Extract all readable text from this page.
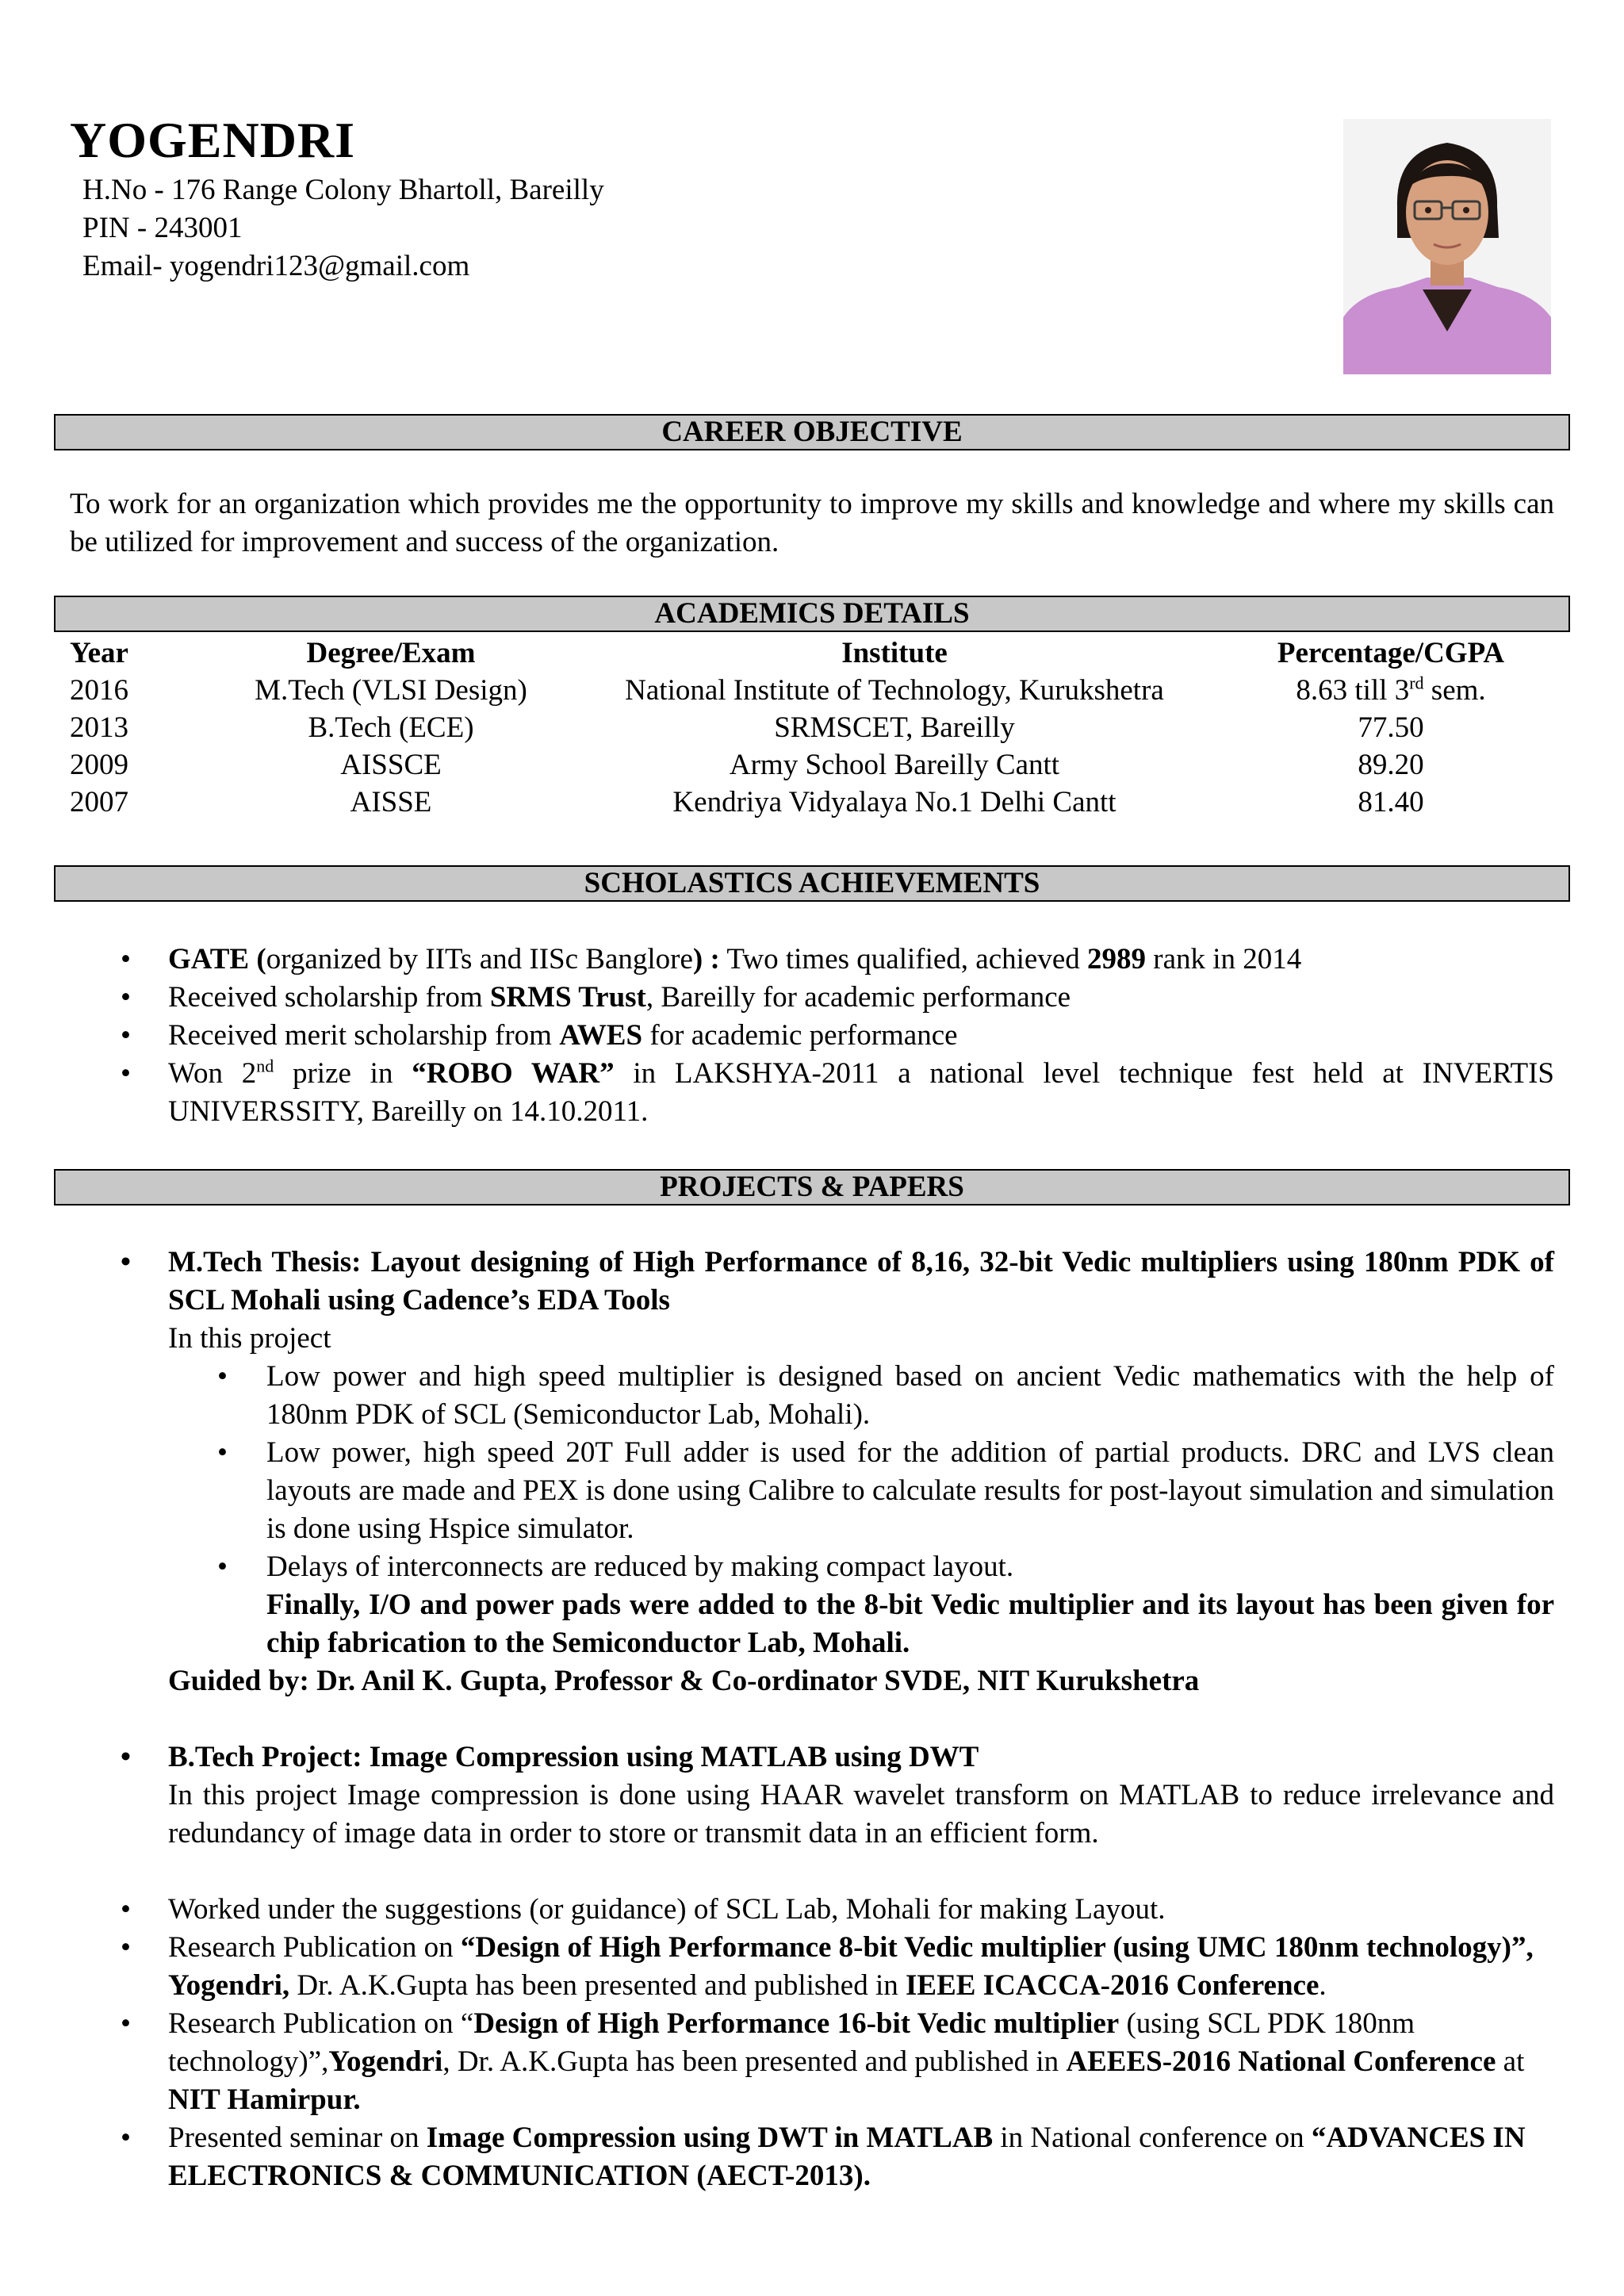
YOGENDRI
H.No - 176 Range Colony Bhartoll, Bareilly
PIN - 243001
Email- yogendri123@gmail.com
CAREER OBJECTIVE
To work for an organization which provides me the opportunity to improve my skills and knowledge and where my skills can be utilized for improvement and success of the organization.
ACADEMICS DETAILS
Year	Degree/Exam	Institute	Percentage/CGPA
2016	M.Tech (VLSI Design)	National Institute of Technology, Kurukshetra	8.63 till 3rd sem.
2013	B.Tech (ECE)	SRMSCET, Bareilly	77.50
2009	AISSCE	Army School Bareilly Cantt	89.20
2007	AISSE	Kendriya Vidyalaya No.1 Delhi Cantt	81.40
SCHOLASTICS ACHIEVEMENTS
• GATE (organized by IITs and IISc Banglore) : Two times qualified, achieved 2989 rank in 2014
• Received scholarship from SRMS Trust, Bareilly for academic performance
• Received merit scholarship from AWES for academic performance
• Won 2nd prize in “ROBO WAR” in LAKSHYA-2011 a national level technique fest held at INVERTIS UNIVERSSITY, Bareilly on 14.10.2011.
PROJECTS & PAPERS
• M.Tech Thesis: Layout designing of High Performance of 8,16, 32-bit Vedic multipliers using 180nm PDK of SCL Mohali using Cadence’s EDA Tools
In this project
• Low power and high speed multiplier is designed based on ancient Vedic mathematics with the help of 180nm PDK of SCL (Semiconductor Lab, Mohali).
• Low power, high speed 20T Full adder is used for the addition of partial products. DRC and LVS clean layouts are made and PEX is done using Calibre to calculate results for post-layout simulation and simulation is done using Hspice simulator.
• Delays of interconnects are reduced by making compact layout.
Finally, I/O and power pads were added to the 8-bit Vedic multiplier and its layout has been given for chip fabrication to the Semiconductor Lab, Mohali.
Guided by: Dr. Anil K. Gupta, Professor & Co-ordinator SVDE, NIT Kurukshetra
• B.Tech Project: Image Compression using MATLAB using DWT
In this project Image compression is done using HAAR wavelet transform on MATLAB to reduce irrelevance and redundancy of image data in order to store or transmit data in an efficient form.
• Worked under the suggestions (or guidance) of SCL Lab, Mohali for making Layout.
• Research Publication on “Design of High Performance 8-bit Vedic multiplier (using UMC 180nm technology)”, Yogendri, Dr. A.K.Gupta has been presented and published in IEEE ICACCA-2016 Conference.
• Research Publication on “Design of High Performance 16-bit Vedic multiplier (using SCL PDK 180nm technology)”,Yogendri, Dr. A.K.Gupta has been presented and published in AEEES-2016 National Conference at NIT Hamirpur.
• Presented seminar on Image Compression using DWT in MATLAB in National conference on “ADVANCES IN ELECTRONICS & COMMUNICATION (AECT-2013).
